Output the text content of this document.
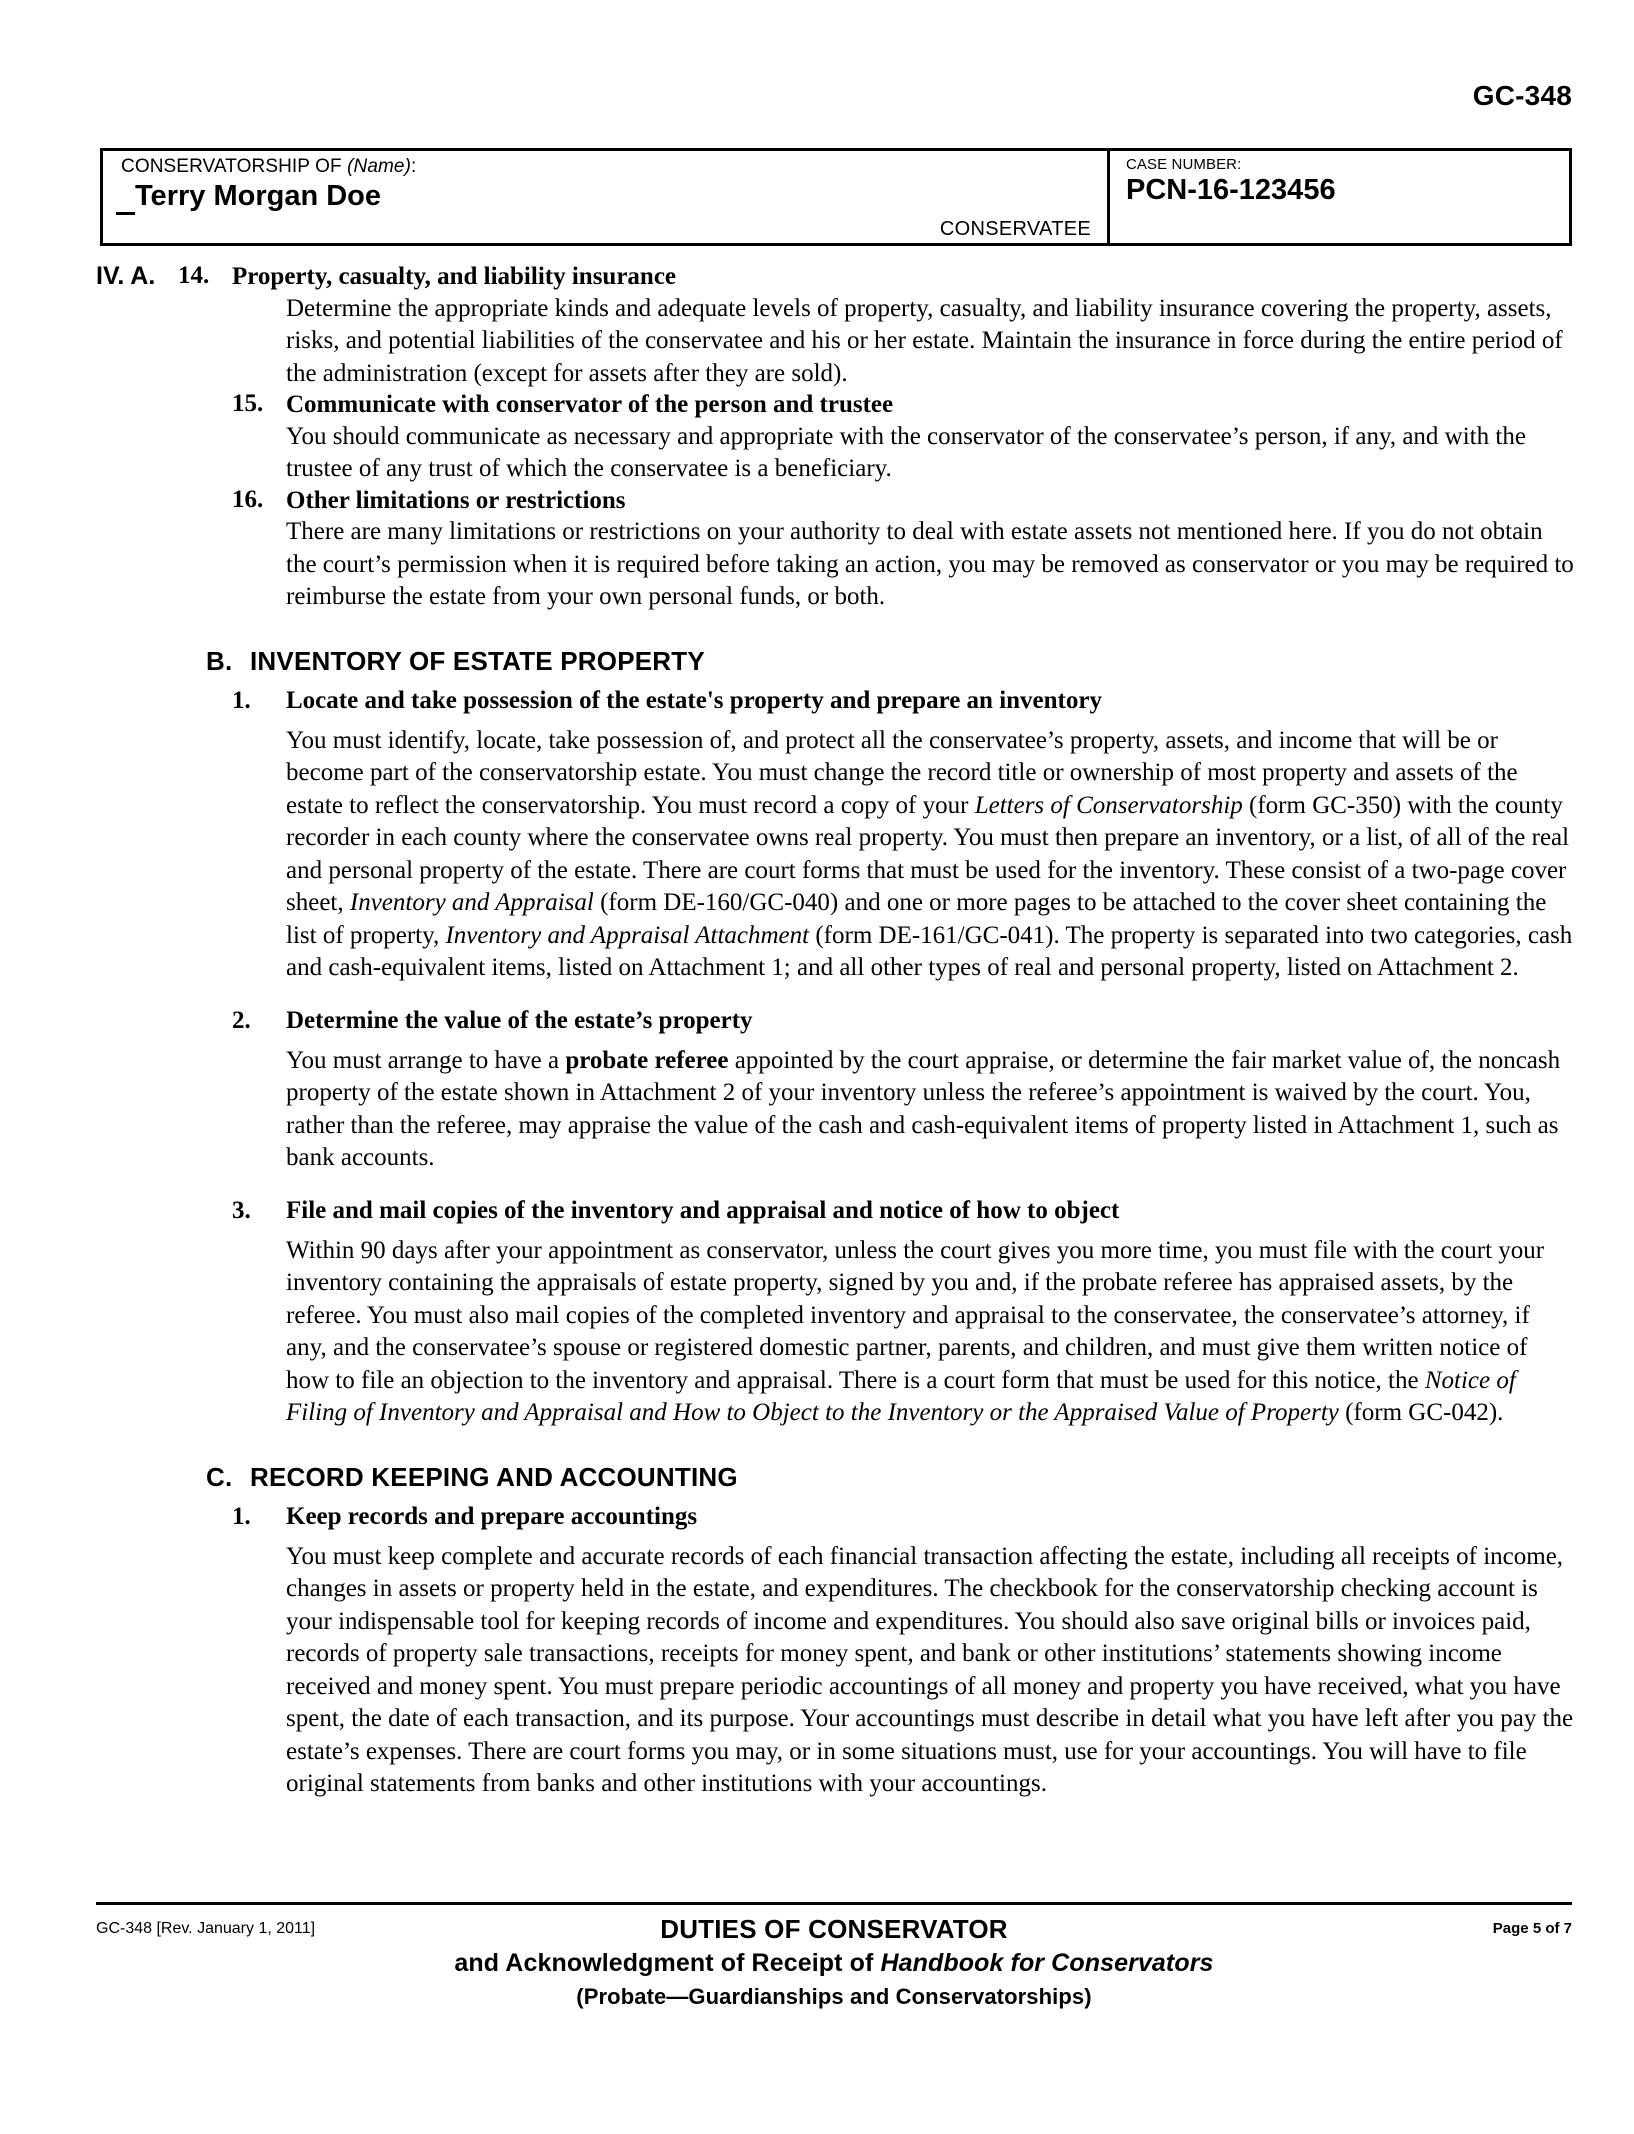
GC-348
CONSERVATORSHIP OF (Name):
Terry Morgan Doe
CONSERVATEE
CASE NUMBER:
PCN-16-123456
IV. A. 14. Property, casualty, and liability insurance
Determine the appropriate kinds and adequate levels of property, casualty, and liability insurance covering the property, assets, risks, and potential liabilities of the conservatee and his or her estate. Maintain the insurance in force during the entire period of the administration (except for assets after they are sold).
15. Communicate with conservator of the person and trustee
You should communicate as necessary and appropriate with the conservator of the conservatee’s person, if any, and with the trustee of any trust of which the conservatee is a beneficiary.
16. Other limitations or restrictions
There are many limitations or restrictions on your authority to deal with estate assets not mentioned here. If you do not obtain the court’s permission when it is required before taking an action, you may be removed as conservator or you may be required to reimburse the estate from your own personal funds, or both.
B. INVENTORY OF ESTATE PROPERTY
1.	Locate and take possession of the estate's property and prepare an inventory
You must identify, locate, take possession of, and protect all the conservatee’s property, assets, and income that will be or become part of the conservatorship estate. You must change the record title or ownership of most property and assets of the estate to reflect the conservatorship. You must record a copy of your Letters of Conservatorship (form GC-350) with the county recorder in each county where the conservatee owns real property. You must then prepare an inventory, or a list, of all of the real and personal property of the estate. There are court forms that must be used for the inventory. These consist of a two-page cover sheet, Inventory and Appraisal (form DE-160/GC-040) and one or more pages to be attached to the cover sheet containing the list of property, Inventory and Appraisal Attachment (form DE-161/GC-041). The property is separated into two categories, cash and cash-equivalent items, listed on Attachment 1; and all other types of real and personal property, listed on Attachment 2.
2.	Determine the value of the estate’s property
You must arrange to have a probate referee appointed by the court appraise, or determine the fair market value of, the noncash property of the estate shown in Attachment 2 of your inventory unless the referee’s appointment is waived by the court. You, rather than the referee, may appraise the value of the cash and cash-equivalent items of property listed in Attachment 1, such as bank accounts.
3.	File and mail copies of the inventory and appraisal and notice of how to object
Within 90 days after your appointment as conservator, unless the court gives you more time, you must file with the court your inventory containing the appraisals of estate property, signed by you and, if the probate referee has appraised assets, by the referee. You must also mail copies of the completed inventory and appraisal to the conservatee, the conservatee’s attorney, if any, and the conservatee’s spouse or registered domestic partner, parents, and children, and must give them written notice of how to file an objection to the inventory and appraisal. There is a court form that must be used for this notice, the Notice of Filing of Inventory and Appraisal and How to Object to the Inventory or the Appraised Value of Property (form GC-042).
C. RECORD KEEPING AND ACCOUNTING
1.	Keep records and prepare accountings
You must keep complete and accurate records of each financial transaction affecting the estate, including all receipts of income, changes in assets or property held in the estate, and expenditures. The checkbook for the conservatorship checking account is your indispensable tool for keeping records of income and expenditures. You should also save original bills or invoices paid, records of property sale transactions, receipts for money spent, and bank or other institutions’ statements showing income received and money spent. You must prepare periodic accountings of all money and property you have received, what you have spent, the date of each transaction, and its purpose. Your accountings must describe in detail what you have left after you pay the estate’s expenses. There are court forms you may, or in some situations must, use for your accountings. You will have to file original statements from banks and other institutions with your accountings.
GC-348 [Rev. January 1, 2011]	Page 5 of 7
DUTIES OF CONSERVATOR
and Acknowledgment of Receipt of Handbook for Conservators
(Probate—Guardianships and Conservatorships)
